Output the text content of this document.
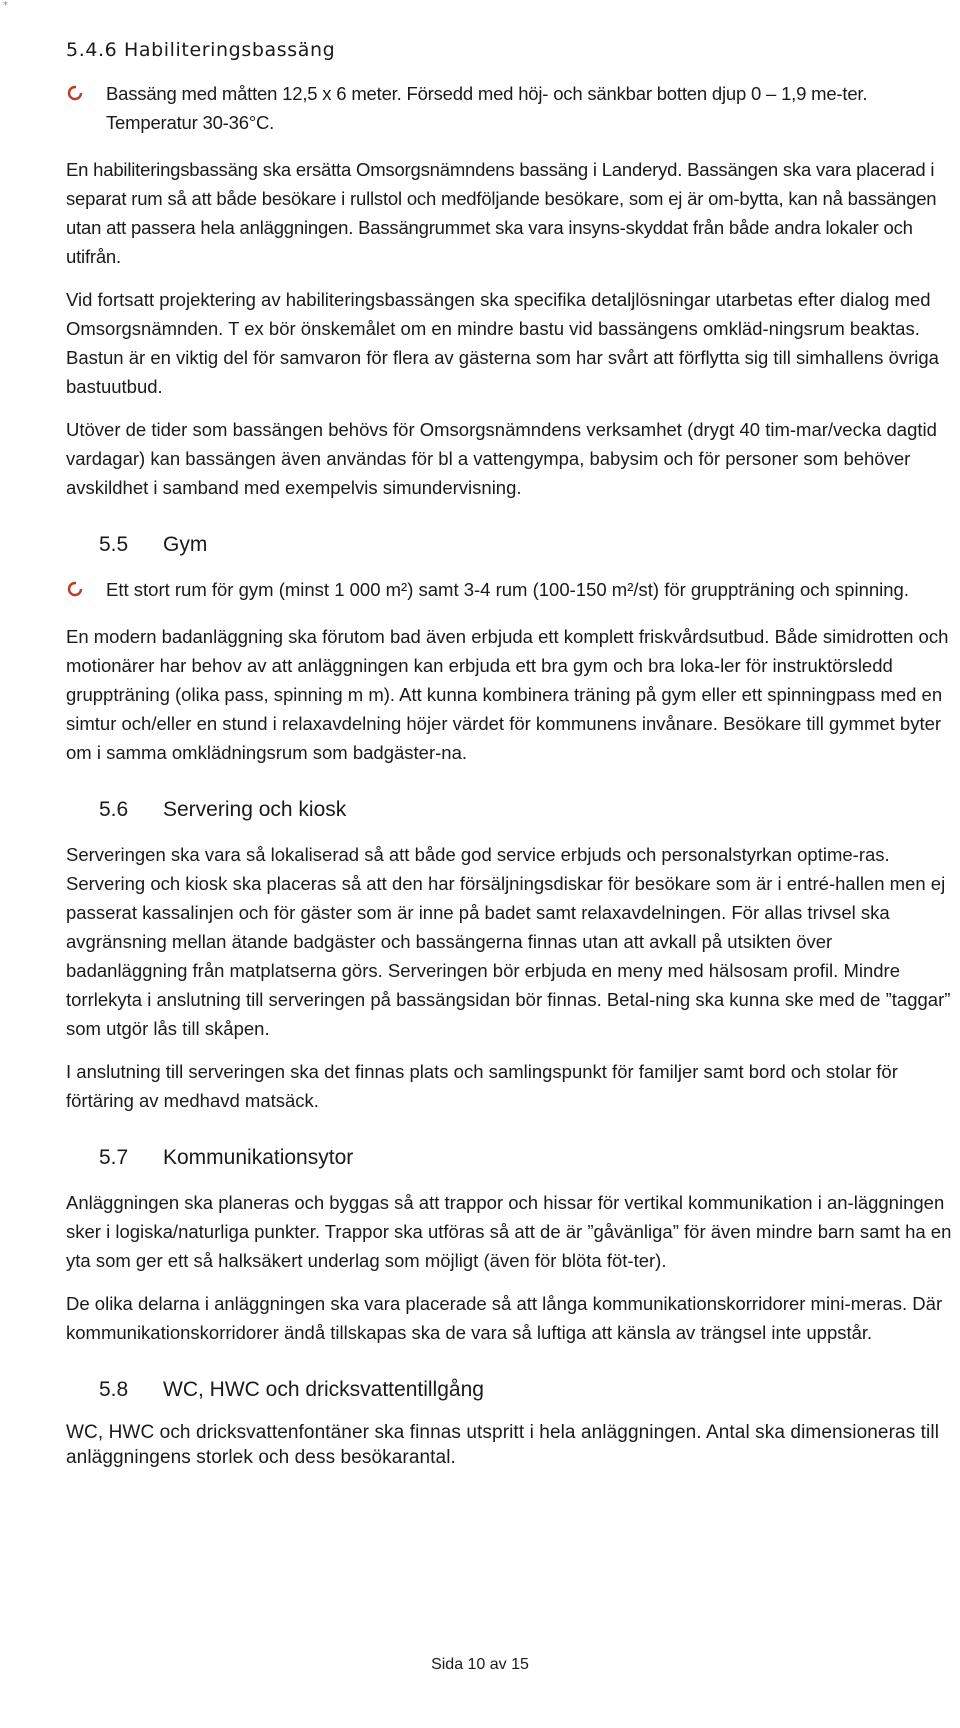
*
5.4.6 Habiliteringsbassäng
Bassäng med måtten 12,5 x 6 meter. Försedd med höj- och sänkbar botten djup 0 – 1,9 me-ter. Temperatur 30-36°C.

En habiliteringsbassäng ska ersätta Omsorgsnämndens bassäng i Landeryd. Bassängen ska vara placerad i separat rum så att både besökare i rullstol och medföljande besökare, som ej är om-bytta, kan nå bassängen utan att passera hela anläggningen. Bassängrummet ska vara insyns-skyddat från både andra lokaler och utifrån.

Vid fortsatt projektering av habiliteringsbassängen ska specifika detaljlösningar utarbetas efter dialog med Omsorgsnämnden. T ex bör önskemålet om en mindre bastu vid bassängens omkläd-ningsrum beaktas. Bastun är en viktig del för samvaron för flera av gästerna som har svårt att förflytta sig till simhallens övriga bastuutbud.

Utöver de tider som bassängen behövs för Omsorgsnämndens verksamhet (drygt 40 tim-mar/vecka dagtid vardagar) kan bassängen även användas för bl a vattengympa, babysim och för personer som behöver avskildhet i samband med exempelvis simundervisning.

5.5 Gym
Ett stort rum för gym (minst 1 000 m²) samt 3-4 rum (100-150 m²/st) för gruppträning och spinning.

En modern badanläggning ska förutom bad även erbjuda ett komplett friskvårdsutbud. Både simidrotten och motionärer har behov av att anläggningen kan erbjuda ett bra gym och bra loka-ler för instruktörsledd gruppträning (olika pass, spinning m m). Att kunna kombinera träning på gym eller ett spinningpass med en simtur och/eller en stund i relaxavdelning höjer värdet för kommunens invånare. Besökare till gymmet byter om i samma omklädningsrum som badgäster-na.

5.6 Servering och kiosk

Serveringen ska vara så lokaliserad så att både god service erbjuds och personalstyrkan optime-ras. Servering och kiosk ska placeras så att den har försäljningsdiskar för besökare som är i entré-hallen men ej passerat kassalinjen och för gäster som är inne på badet samt relaxavdelningen. För allas trivsel ska avgränsning mellan ätande badgäster och bassängerna finnas utan att avkall på utsikten över badanläggning från matplatserna görs. Serveringen bör erbjuda en meny med hälsosam profil. Mindre torrlekyta i anslutning till serveringen på bassängsidan bör finnas. Betal-ning ska kunna ske med de ”taggar” som utgör lås till skåpen.

I anslutning till serveringen ska det finnas plats och samlingspunkt för familjer samt bord och stolar för förtäring av medhavd matsäck.

5.7 Kommunikationsytor

Anläggningen ska planeras och byggas så att trappor och hissar för vertikal kommunikation i an-läggningen sker i logiska/naturliga punkter. Trappor ska utföras så att de är ”gåvänliga” för även mindre barn samt ha en yta som ger ett så halksäkert underlag som möjligt (även för blöta föt-ter).

De olika delarna i anläggningen ska vara placerade så att långa kommunikationskorridorer mini-meras. Där kommunikationskorridorer ändå tillskapas ska de vara så luftiga att känsla av trängsel inte uppstår.

5.8 WC, HWC och dricksvattentillgång

WC, HWC och dricksvattenfontäner ska finnas utspritt i hela anläggningen. Antal ska dimensioneras till anläggningens storlek och dess besökarantal.

Sida 10 av 15
